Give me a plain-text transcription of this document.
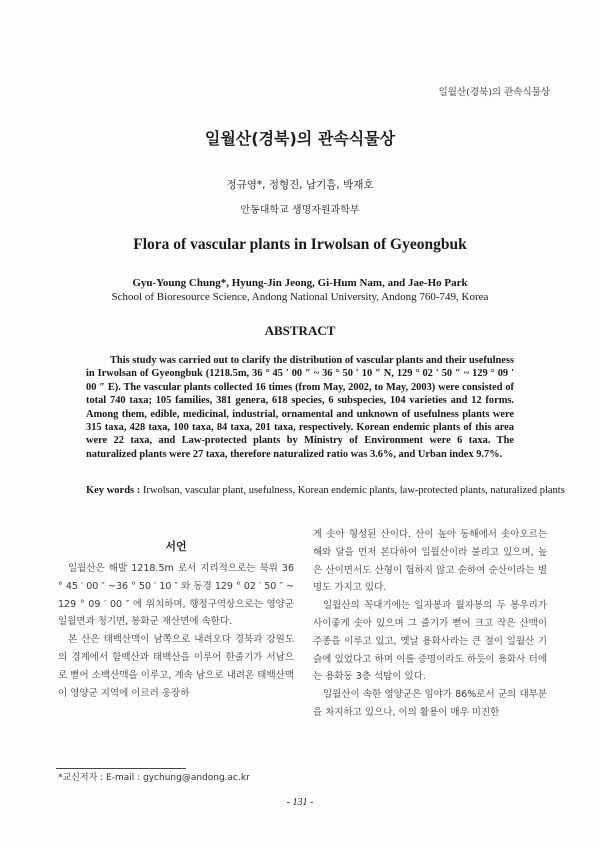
일월산(경북)의 관속식물상
일월산(경북)의 관속식물상
정규영*, 정형진, 남기흠, 박재호
안동대학교 생명자원과학부
Flora of vascular plants in Irwolsan of Gyeongbuk
Gyu-Young Chung*, Hyung-Jin Jeong, Gi-Hum Nam, and Jae-Ho Park
School of Bioresource Science, Andong National University, Andong 760-749, Korea
ABSTRACT
This study was carried out to clarify the distribution of vascular plants and their usefulness in Irwolsan of Gyeongbuk (1218.5m, 36 ° 45 ′ 00 ″ ~ 36 ° 50 ′ 10 ″ N, 129 ° 02 ′ 50 ″ ~ 129 ° 09 ′ 00 ″ E). The vascular plants collected 16 times (from May, 2002, to May, 2003) were consisted of total 740 taxa; 105 families, 381 genera, 618 species, 6 subspecies, 104 varieties and 12 forms. Among them, edible, medicinal, industrial, ornamental and unknown of usefulness plants were 315 taxa, 428 taxa, 100 taxa, 84 taxa, 201 taxa, respectively. Korean endemic plants of this area were 22 taxa, and Law-protected plants by Ministry of Environment were 6 taxa. The naturalized plants were 27 taxa, therefore naturalized ratio was 3.6%, and Urban index 9.7%.
Key words : Irwolsan, vascular plant, usefulness, Korean endemic plants, law-protected plants, naturalized plants
서언

일월산은 해발 1218.5m 로서 지리적으로는 북위 36 ° 45 ′ 00 ″ ~36 ° 50 ′ 10 ″ 와 동경 129 ° 02 ′ 50 ″ ~ 129 ° 09 ′ 00 ″ 에 위치하며, 행정구역상으로는 영양군 일월면과 청기면, 봉화군 재산면에 속한다.

본 산은 태백산맥이 남쪽으로 내려오다 경북과 강원도의 경계에서 함백산과 태백산을 이루어 한줄기가 서남으로 뻗어 소백산맥을 이루고, 계속 남으로 내려온 태백산맥이 영양군 지역에 이르러 웅장하

게 솟아 형성된 산이다. 산이 높아 동해에서 솟아오르는 해와 달을 먼저 본다하여 일월산이라 불리고 있으며, 높은 산이면서도 산형이 험하지 않고 순하여 순산이라는 별명도 가지고 있다.

일월산의 꼭대기에는 일자봉과 월자봉의 두 봉우리가 사이좋게 솟아 있으며 그 줄기가 뻗어 크고 작은 산맥이 주종을 이루고 있고, 옛날 용화사라는 큰 절이 일월산 기슭에 있었다고 하며 이를 증명이라도 하듯이 용화사 터에는 용화동 3층 석탑이 있다.

일월산이 속한 영양군은 임야가 86%로서 군의 대부분을 차지하고 있으나, 이의 활용이 매우 미진한

*교신저자 : E-mail : gychung@andong.ac.kr
- 131 -
